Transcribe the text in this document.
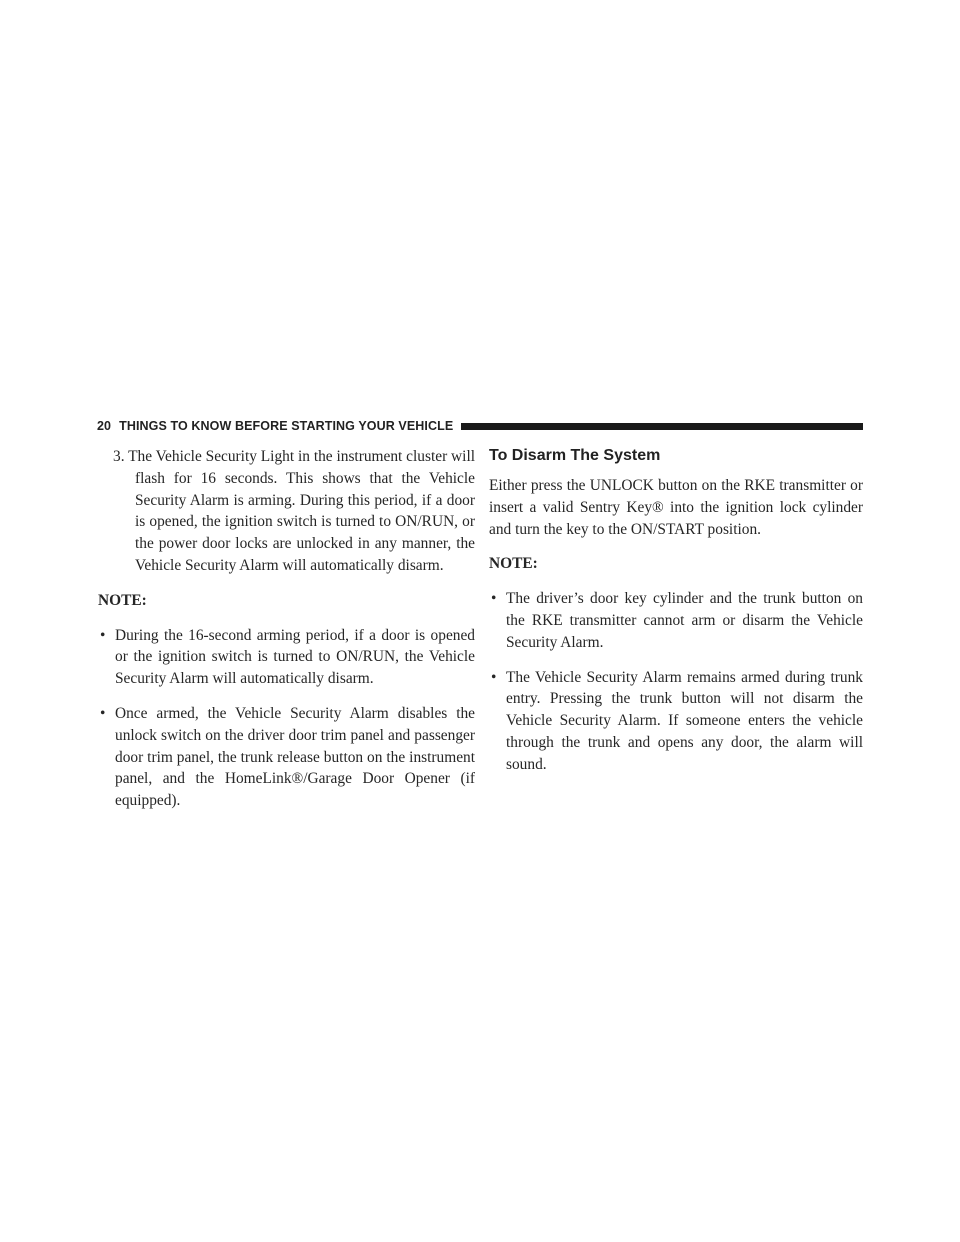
20 THINGS TO KNOW BEFORE STARTING YOUR VEHICLE

3. The Vehicle Security Light in the instrument cluster will flash for 16 seconds. This shows that the Vehicle Security Alarm is arming. During this period, if a door is opened, the ignition switch is turned to ON/RUN, or the power door locks are unlocked in any manner, the Vehicle Security Alarm will automatically disarm.

NOTE:

• During the 16-second arming period, if a door is opened or the ignition switch is turned to ON/RUN, the Vehicle Security Alarm will automatically disarm.
• Once armed, the Vehicle Security Alarm disables the unlock switch on the driver door trim panel and passenger door trim panel, the trunk release button on the instrument panel, and the HomeLink®/Garage Door Opener (if equipped).
To Disarm The System

Either press the UNLOCK button on the RKE transmitter or insert a valid Sentry Key® into the ignition lock cylinder and turn the key to the ON/START position.

NOTE:

• The driver’s door key cylinder and the trunk button on the RKE transmitter cannot arm or disarm the Vehicle Security Alarm.
• The Vehicle Security Alarm remains armed during trunk entry. Pressing the trunk button will not disarm the Vehicle Security Alarm. If someone enters the vehicle through the trunk and opens any door, the alarm will sound.
